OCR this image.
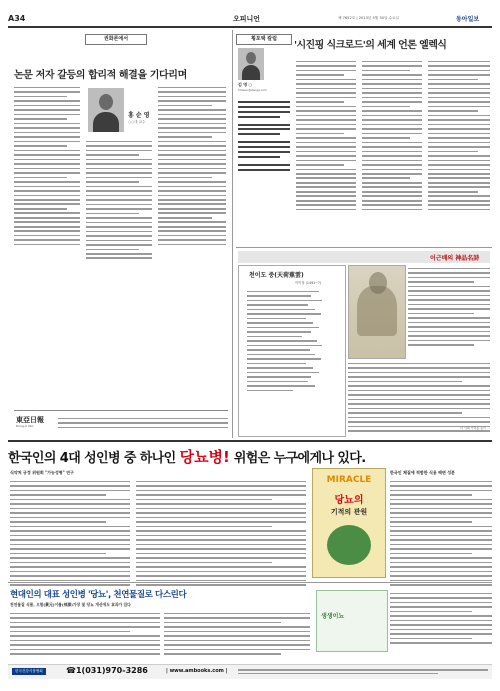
A34	오피니언	제 7652호 | 2013년 5월 30일 수요일	동아일보
권화론에서
논문 저자 갈등의 합리적 해결을 기다리며
홍 순 영
○○대 교수
東亞日報
Dong-A Ilbo
횡포택 칼럼
김 영 ○
hmwon@donga.com
'시진핑 식크로드'의 세계 언론 엘렉식
이근배의 神品名詩
천이도 중(天荷蕉雲)
이이정 (1491~?)
이 시의 가치를 높이 ...
한국인의 4대 성인병 중 하나인 당뇨병! 위험은 누구에게나 있다.
식약처 규정 위원회 "가능성형" 연구
MIRACLE
당뇨의
기적의 관원
한국인 체질에 적합한 식용 배변 성분
현대인의 대표 성인병 '당뇨', 천연물질로 다스린다
천연물질 식품, 오합(黃元)이를(飛源)가장 및 당뇨 개선에도 효과가 있다
생생이뇨
한국건강식품협회	☎1(031)970-3286	| www.ambooks.com |
